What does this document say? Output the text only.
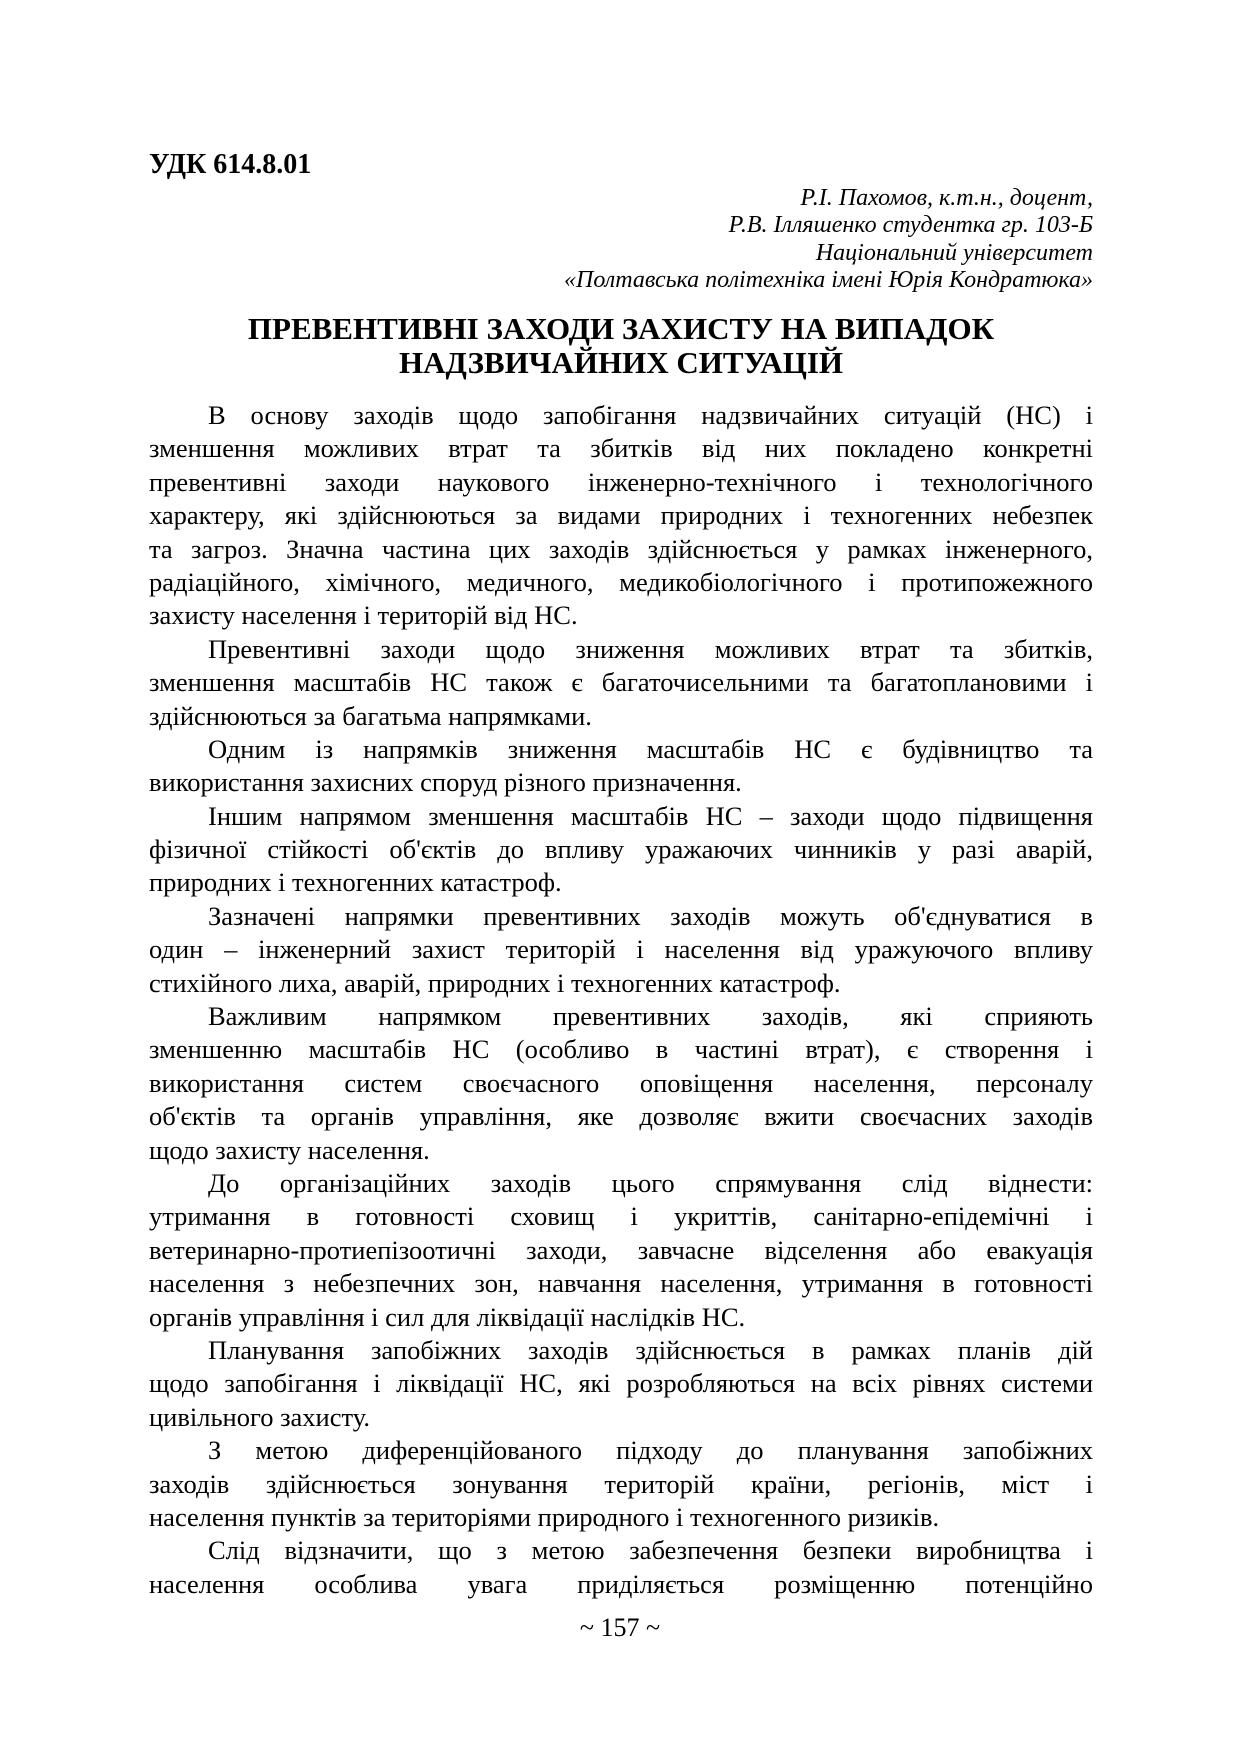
УДК 614.8.01
Р.І. Пахомов, к.т.н., доцент,
Р.В. Ілляшенко студентка гр. 103-Б
Національний університет
«Полтавська політехніка імені Юрія Кондратюка»
ПРЕВЕНТИВНІ ЗАХОДИ ЗАХИСТУ НА ВИПАДОК
НАДЗВИЧАЙНИХ СИТУАЦІЙ
В основу заходів щодо запобігання надзвичайних ситуацій (НС) і
зменшення можливих втрат та збитків від них покладено конкретні
превентивні заходи наукового інженерно-технічного і технологічного
характеру, які здійснюються за видами природних і техногенних небезпек
та загроз. Значна частина цих заходів здійснюється у рамках інженерного,
радіаційного, хімічного, медичного, медикобіологічного і протипожежного
захисту населення і територій від НС.
Превентивні заходи щодо зниження можливих втрат та збитків,
зменшення масштабів НС також є багаточисельними та багатоплановими і
здійснюються за багатьма напрямками.
Одним із напрямків зниження масштабів НС є будівництво та
використання захисних споруд різного призначення.
Іншим напрямом зменшення масштабів НС – заходи щодо підвищення
фізичної стійкості об'єктів до впливу уражаючих чинників у разі аварій,
природних і техногенних катастроф.
Зазначені напрямки превентивних заходів можуть об'єднуватися в
один – інженерний захист територій і населення від уражуючого впливу
стихійного лиха, аварій, природних і техногенних катастроф.
Важливим напрямком превентивних заходів, які сприяють
зменшенню масштабів НС (особливо в частині втрат), є створення і
використання систем своєчасного оповіщення населення, персоналу
об'єктів та органів управління, яке дозволяє вжити своєчасних заходів
щодо захисту населення.
До організаційних заходів цього спрямування слід віднести:
утримання в готовності сховищ і укриттів, санітарно-епідемічні і
ветеринарно-протиепізоотичні заходи, завчасне відселення або евакуація
населення з небезпечних зон, навчання населення, утримання в готовності
органів управління і сил для ліквідації наслідків НС.
Планування запобіжних заходів здійснюється в рамках планів дій
щодо запобігання і ліквідації НС, які розробляються на всіх рівнях системи
цивільного захисту.
З метою диференційованого підходу до планування запобіжних
заходів здійснюється зонування територій країни, регіонів, міст і
населення пунктів за територіями природного і техногенного ризиків.
Слід відзначити, що з метою забезпечення безпеки виробництва і
населення особлива увага приділяється розміщенню потенційно
~ 157 ~
